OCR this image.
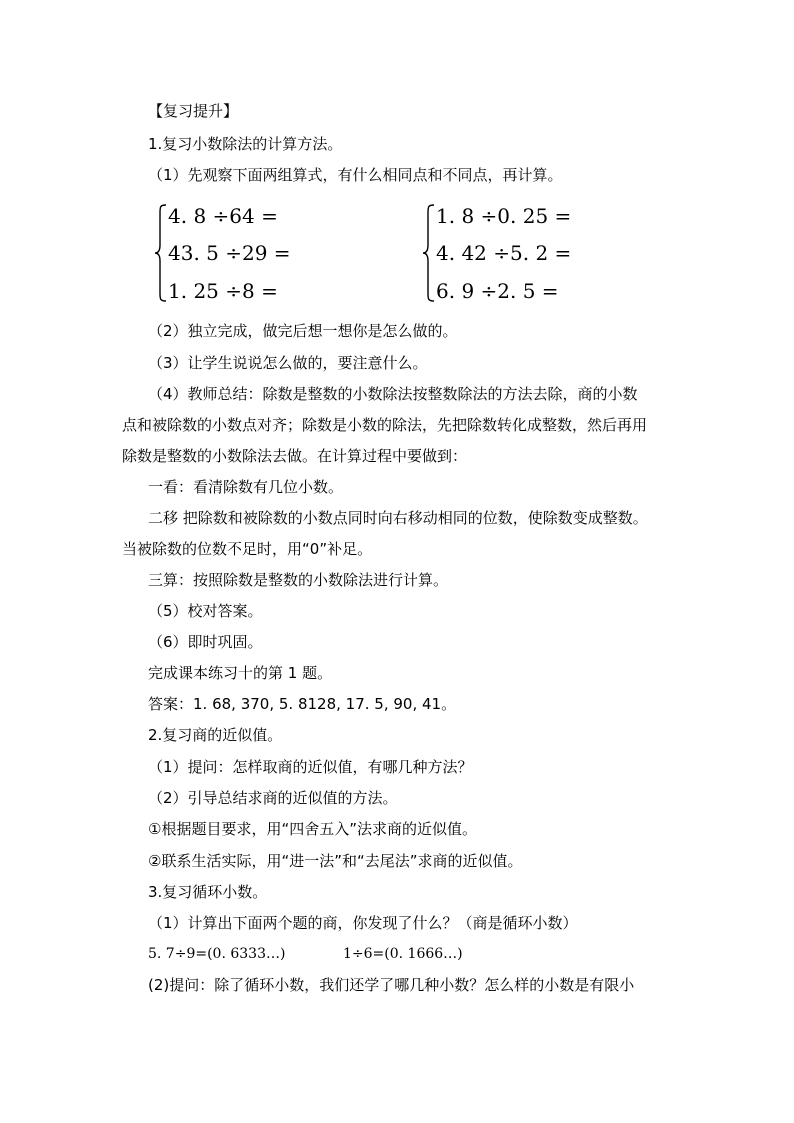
【复习提升】
1.复习小数除法的计算方法。
（1）先观察下面两组算式，有什么相同点和不同点，再计算。
4. 8 ÷64 =
43. 5 ÷29 =
1. 25 ÷8 =
1. 8 ÷0. 25 =
4. 42 ÷5. 2 =
6. 9 ÷2. 5 =
（2）独立完成，做完后想一想你是怎么做的。
（3）让学生说说怎么做的，要注意什么。
（4）教师总结：除数是整数的小数除法按整数除法的方法去除，商的小数
点和被除数的小数点对齐；除数是小数的除法，先把除数转化成整数，然后再用
除数是整数的小数除法去做。在计算过程中要做到：
一看：看清除数有几位小数。
二移 把除数和被除数的小数点同时向右移动相同的位数，使除数变成整数。
当被除数的位数不足时，用“0”补足。
三算：按照除数是整数的小数除法进行计算。
（5）校对答案。
（6）即时巩固。
完成课本练习十的第 1 题。
答案：1. 68, 370, 5. 8128, 17. 5, 90, 41。
2.复习商的近似值。
（1）提问：怎样取商的近似值，有哪几种方法？
（2）引导总结求商的近似值的方法。
①根据题目要求，用“四舍五入”法求商的近似值。
②联系生活实际，用“进一法”和“去尾法”求商的近似值。
3.复习循环小数。
（1）计算出下面两个题的商，你发现了什么？（商是循环小数）
5. 7÷9=(0. 6333…)	1÷6=(0. 1666…)
(2)提问：除了循环小数，我们还学了哪几种小数？怎么样的小数是有限小
